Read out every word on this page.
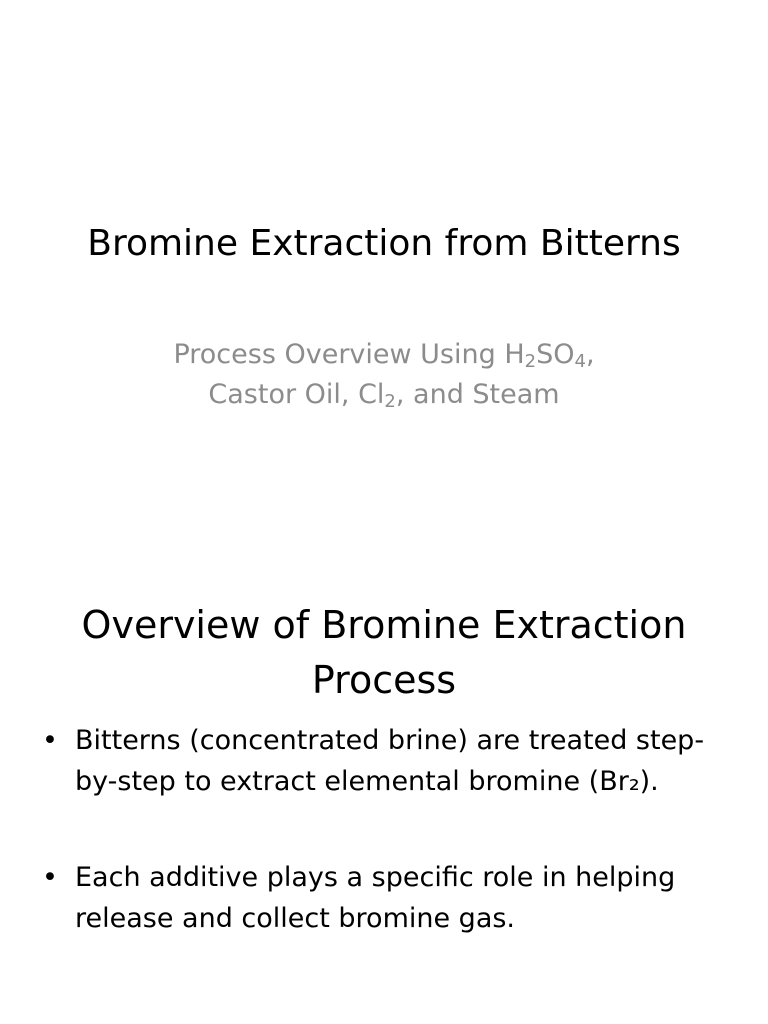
Bromine Extraction from Bitterns
Process Overview Using $H_2SO_4$,
Castor Oil, $Cl_2$, and Steam
Overview of Bromine Extraction Process
• Bitterns (concentrated brine) are treated step-by-step to extract elemental bromine (Br₂).
• Each additive plays a specific role in helping release and collect bromine gas.
